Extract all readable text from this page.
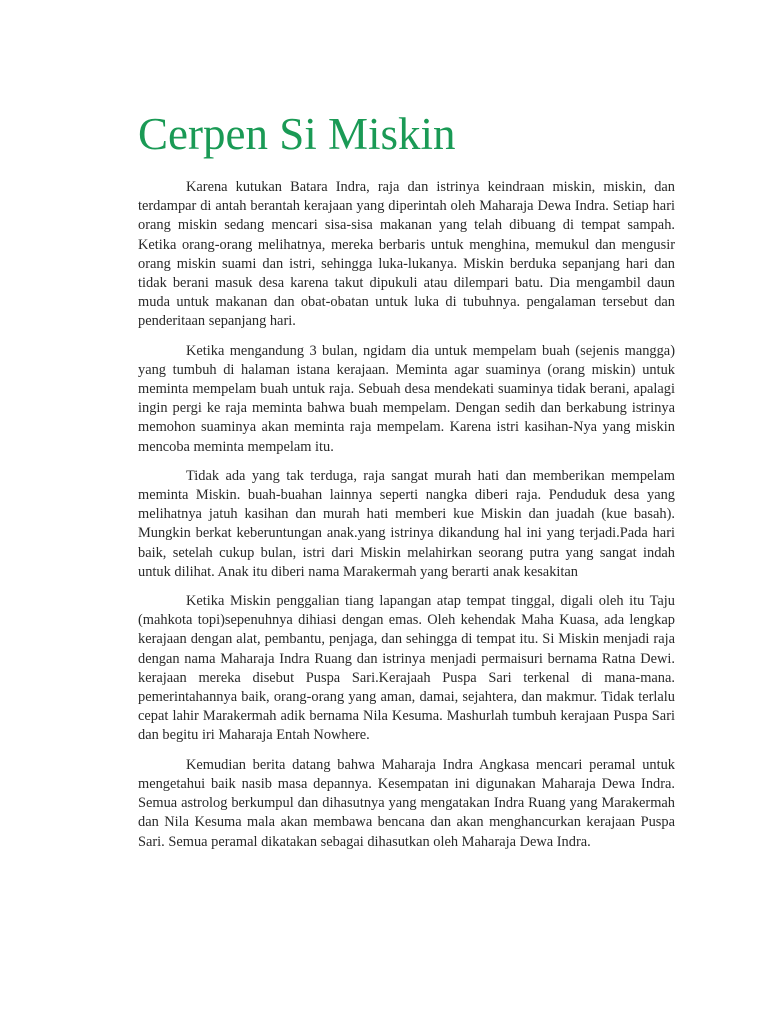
Cerpen Si Miskin

Karena kutukan Batara Indra, raja dan istrinya keindraan miskin, miskin, dan terdampar di antah berantah kerajaan yang diperintah oleh Maharaja Dewa Indra. Setiap hari orang miskin sedang mencari sisa-sisa makanan yang telah dibuang di tempat sampah. Ketika orang-orang melihatnya, mereka berbaris untuk menghina, memukul dan mengusir orang miskin suami dan istri, sehingga luka-lukanya. Miskin berduka sepanjang hari dan tidak berani masuk desa karena takut dipukuli atau dilempari batu. Dia mengambil daun muda untuk makanan dan obat-obatan untuk luka di tubuhnya. pengalaman tersebut dan penderitaan sepanjang hari.

Ketika mengandung 3 bulan, ngidam dia untuk mempelam buah (sejenis mangga) yang tumbuh di halaman istana kerajaan. Meminta agar suaminya (orang miskin) untuk meminta mempelam buah untuk raja. Sebuah desa mendekati suaminya tidak berani, apalagi ingin pergi ke raja meminta bahwa buah mempelam. Dengan sedih dan berkabung istrinya memohon suaminya akan meminta raja mempelam. Karena istri kasihan-Nya yang miskin mencoba meminta mempelam itu.

Tidak ada yang tak terduga, raja sangat murah hati dan memberikan mempelam meminta Miskin. buah-buahan lainnya seperti nangka diberi raja. Penduduk desa yang melihatnya jatuh kasihan dan murah hati memberi kue Miskin dan juadah (kue basah). Mungkin berkat keberuntungan anak.yang istrinya dikandung hal ini yang terjadi.Pada hari baik, setelah cukup bulan, istri dari Miskin melahirkan seorang putra yang sangat indah untuk dilihat. Anak itu diberi nama Marakermah yang berarti anak kesakitan

Ketika Miskin penggalian tiang lapangan atap tempat tinggal, digali oleh itu Taju (mahkota topi)sepenuhnya dihiasi dengan emas. Oleh kehendak Maha Kuasa, ada lengkap kerajaan dengan alat, pembantu, penjaga, dan sehingga di tempat itu. Si Miskin menjadi raja dengan nama Maharaja Indra Ruang dan istrinya menjadi permaisuri bernama Ratna Dewi. kerajaan mereka disebut Puspa Sari.Kerajaah Puspa Sari terkenal di mana-mana. pemerintahannya baik, orang-orang yang aman, damai, sejahtera, dan makmur. Tidak terlalu cepat lahir Marakermah adik bernama Nila Kesuma. Mashurlah tumbuh kerajaan Puspa Sari dan begitu iri Maharaja Entah Nowhere.

Kemudian berita datang bahwa Maharaja Indra Angkasa mencari peramal untuk mengetahui baik nasib masa depannya. Kesempatan ini digunakan Maharaja Dewa Indra. Semua astrolog berkumpul dan dihasutnya yang mengatakan Indra Ruang yang Marakermah dan Nila Kesuma mala akan membawa bencana dan akan menghancurkan kerajaan Puspa Sari. Semua peramal dikatakan sebagai dihasutkan oleh Maharaja Dewa Indra.
